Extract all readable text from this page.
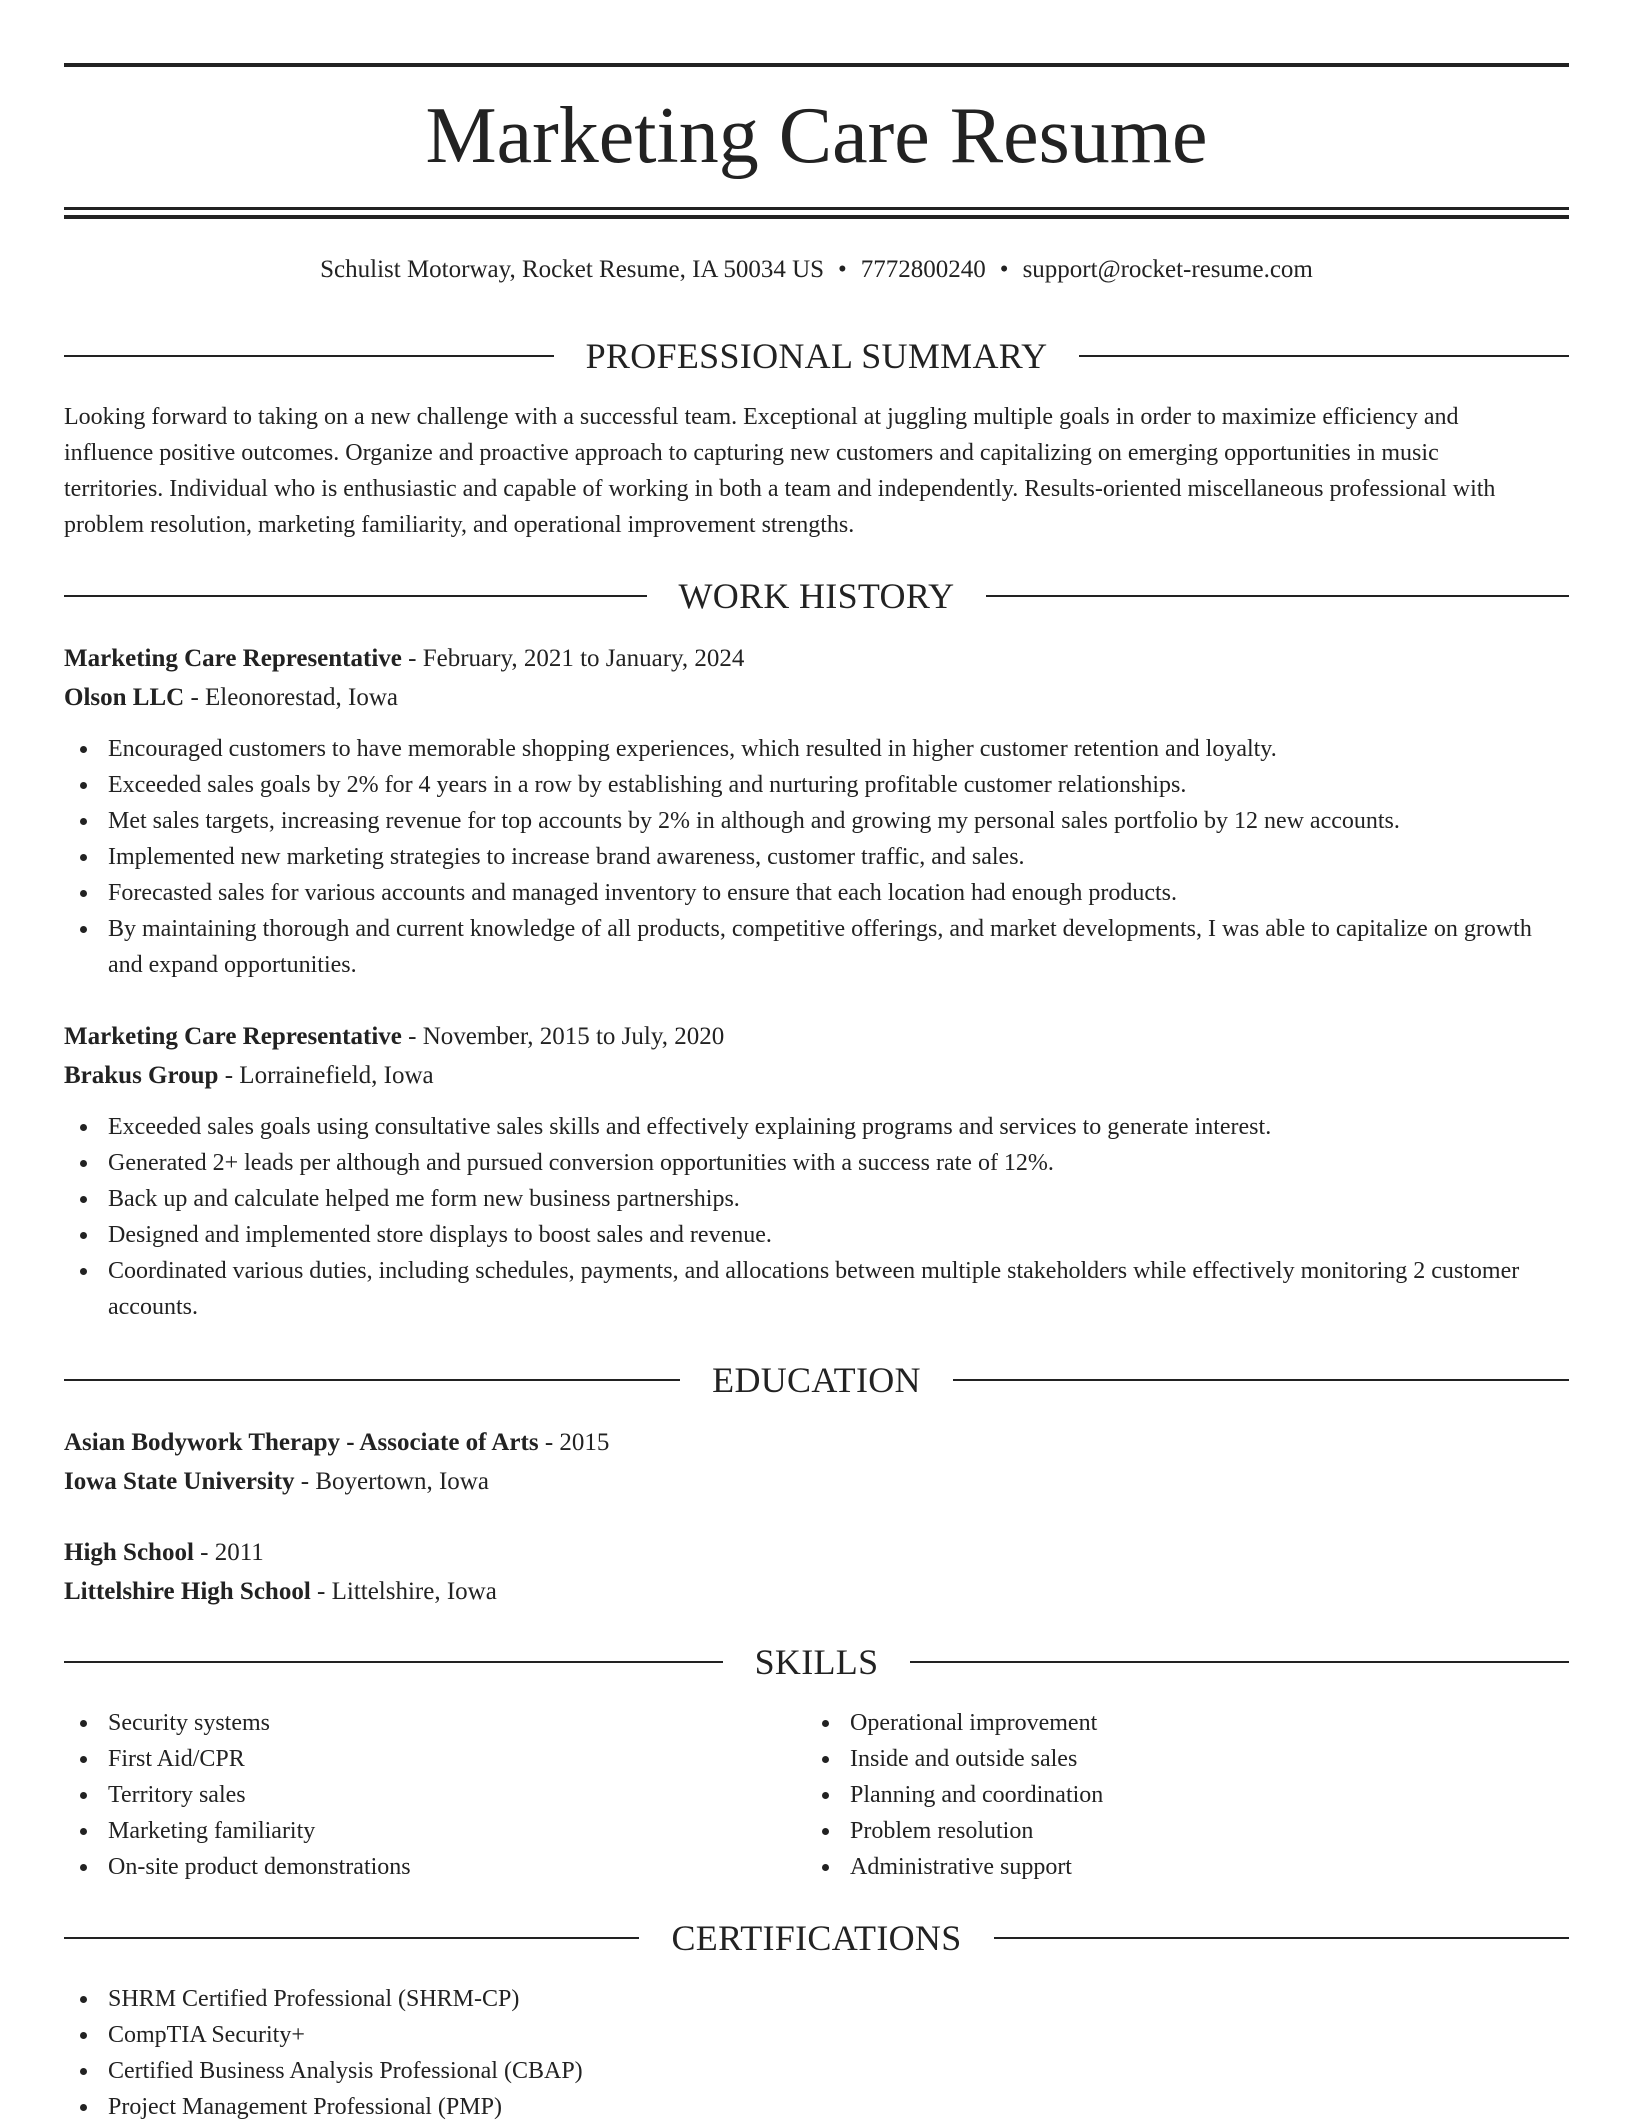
Marketing Care Resume
Schulist Motorway, Rocket Resume, IA 50034 US • 7772800240 • support@rocket-resume.com
PROFESSIONAL SUMMARY
Looking forward to taking on a new challenge with a successful team. Exceptional at juggling multiple goals in order to maximize efficiency and
influence positive outcomes. Organize and proactive approach to capturing new customers and capitalizing on emerging opportunities in music
territories. Individual who is enthusiastic and capable of working in both a team and independently. Results-oriented miscellaneous professional with
problem resolution, marketing familiarity, and operational improvement strengths.
WORK HISTORY
Marketing Care Representative - February, 2021 to January, 2024
Olson LLC - Eleonorestad, Iowa
Encouraged customers to have memorable shopping experiences, which resulted in higher customer retention and loyalty.
Exceeded sales goals by 2% for 4 years in a row by establishing and nurturing profitable customer relationships.
Met sales targets, increasing revenue for top accounts by 2% in although and growing my personal sales portfolio by 12 new accounts.
Implemented new marketing strategies to increase brand awareness, customer traffic, and sales.
Forecasted sales for various accounts and managed inventory to ensure that each location had enough products.
By maintaining thorough and current knowledge of all products, competitive offerings, and market developments, I was able to capitalize on growth and expand opportunities.
Marketing Care Representative - November, 2015 to July, 2020
Brakus Group - Lorrainefield, Iowa
Exceeded sales goals using consultative sales skills and effectively explaining programs and services to generate interest.
Generated 2+ leads per although and pursued conversion opportunities with a success rate of 12%.
Back up and calculate helped me form new business partnerships.
Designed and implemented store displays to boost sales and revenue.
Coordinated various duties, including schedules, payments, and allocations between multiple stakeholders while effectively monitoring 2 customer accounts.
EDUCATION
Asian Bodywork Therapy - Associate of Arts - 2015
Iowa State University - Boyertown, Iowa
High School - 2011
Littelshire High School - Littelshire, Iowa
SKILLS
Security systems
First Aid/CPR
Territory sales
Marketing familiarity
On-site product demonstrations
Operational improvement
Inside and outside sales
Planning and coordination
Problem resolution
Administrative support
CERTIFICATIONS
SHRM Certified Professional (SHRM-CP)
CompTIA Security+
Certified Business Analysis Professional (CBAP)
Project Management Professional (PMP)
